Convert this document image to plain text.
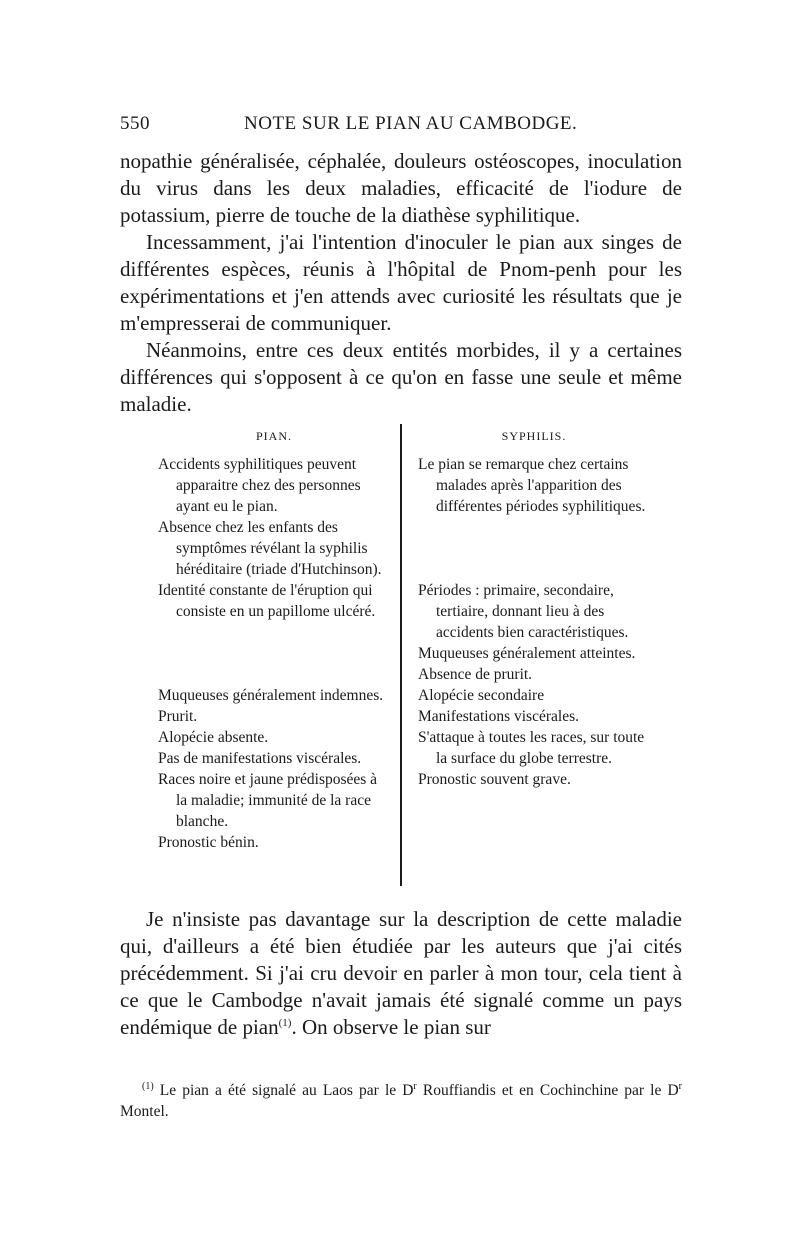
550	NOTE SUR LE PIAN AU CAMBODGE.

nopathie généralisée, céphalée, douleurs ostéoscopes, inoculation du virus dans les deux maladies, efficacité de l'iodure de potassium, pierre de touche de la diathèse syphilitique.

Incessamment, j'ai l'intention d'inoculer le pian aux singes de différentes espèces, réunis à l'hôpital de Pnom-penh pour les expérimentations et j'en attends avec curiosité les résultats que je m'empresserai de communiquer.

Néanmoins, entre ces deux entités morbides, il y a certaines différences qui s'opposent à ce qu'on en fasse une seule et même maladie.

PIAN.
Accidents syphilitiques peuvent apparaitre chez des personnes ayant eu le pian.
Absence chez les enfants des symptômes révélant la syphilis héréditaire (triade d'Hutchinson).
Identité constante de l'éruption qui consiste en un papillome ulcéré.
Muqueuses généralement indemnes.
Prurit.
Alopécie absente.
Pas de manifestations viscérales.
Races noire et jaune prédisposées à la maladie; immunité de la race blanche.
Pronostic bénin.
SYPHILIS.
Le pian se remarque chez certains malades après l'apparition des différentes périodes syphilitiques.
Périodes : primaire, secondaire, tertiaire, donnant lieu à des accidents bien caractéristiques.
Muqueuses généralement atteintes.
Absence de prurit.
Alopécie secondaire
Manifestations viscérales.
S'attaque à toutes les races, sur toute la surface du globe terrestre.
Pronostic souvent grave.

Je n'insiste pas davantage sur la description de cette maladie qui, d'ailleurs a été bien étudiée par les auteurs que j'ai cités précédemment. Si j'ai cru devoir en parler à mon tour, cela tient à ce que le Cambodge n'avait jamais été signalé comme un pays endémique de pian$^{(1)}$. On observe le pian sur

$^{(1)}$ Le pian a été signalé au Laos par le $D^r$ Rouffiandis et en Cochinchine par le $D^r$ Montel.
